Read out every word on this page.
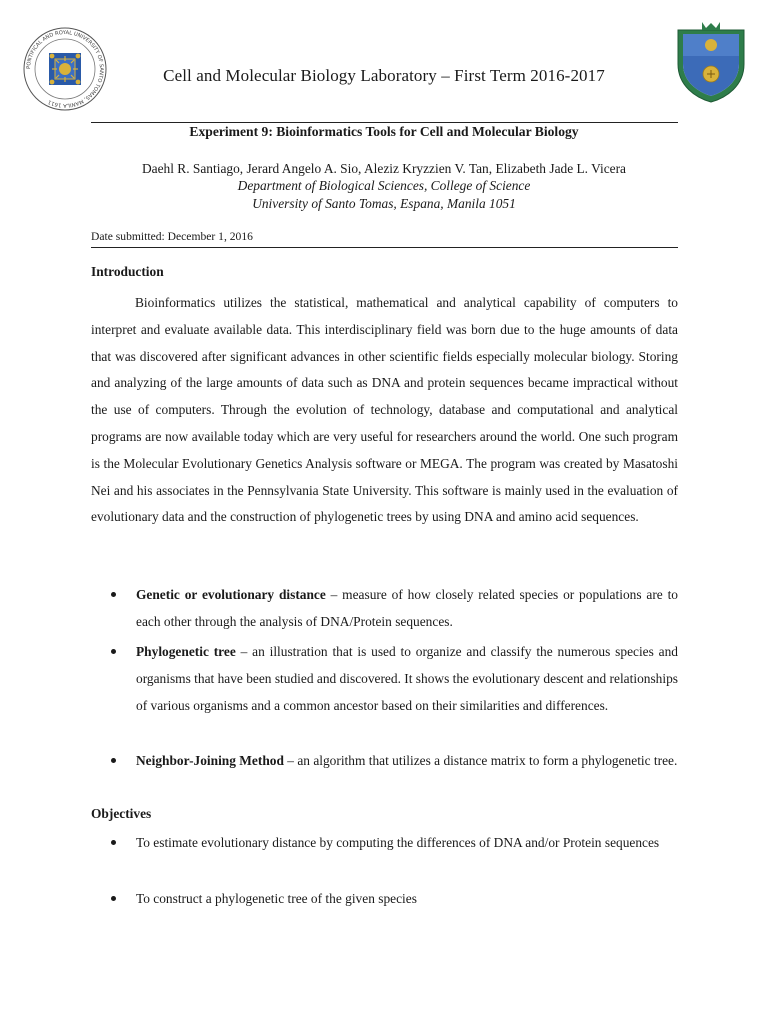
PONTIFICAL AND ROYAL UNIVERSITY OF SANTO TOMAS, MANILA 1611
Cell and Molecular Biology Laboratory – First Term 2016-2017
Experiment 9: Bioinformatics Tools for Cell and Molecular Biology
Daehl R. Santiago, Jerard Angelo A. Sio, Aleziz Kryzzien V. Tan, Elizabeth Jade L. Vicera
Department of Biological Sciences, College of Science
University of Santo Tomas, Espana, Manila 1051
Date submitted: December 1, 2016
Introduction

Bioinformatics utilizes the statistical, mathematical and analytical capability of computers to interpret and evaluate available data. This interdisciplinary field was born due to the huge amounts of data that was discovered after significant advances in other scientific fields especially molecular biology. Storing and analyzing of the large amounts of data such as DNA and protein sequences became impractical without the use of computers. Through the evolution of technology, database and computational and analytical programs are now available today which are very useful for researchers around the world. One such program is the Molecular Evolutionary Genetics Analysis software or MEGA. The program was created by Masatoshi Nei and his associates in the Pennsylvania State University. This software is mainly used in the evaluation of evolutionary data and the construction of phylogenetic trees by using DNA and amino acid sequences.

Genetic or evolutionary distance – measure of how closely related species or populations are to each other through the analysis of DNA/Protein sequences.

Phylogenetic tree – an illustration that is used to organize and classify the numerous species and organisms that have been studied and discovered. It shows the evolutionary descent and relationships of various organisms and a common ancestor based on their similarities and differences.

Neighbor-Joining Method – an algorithm that utilizes a distance matrix to form a phylogenetic tree.

Objectives

To estimate evolutionary distance by computing the differences of DNA and/or Protein sequences

To construct a phylogenetic tree of the given species
